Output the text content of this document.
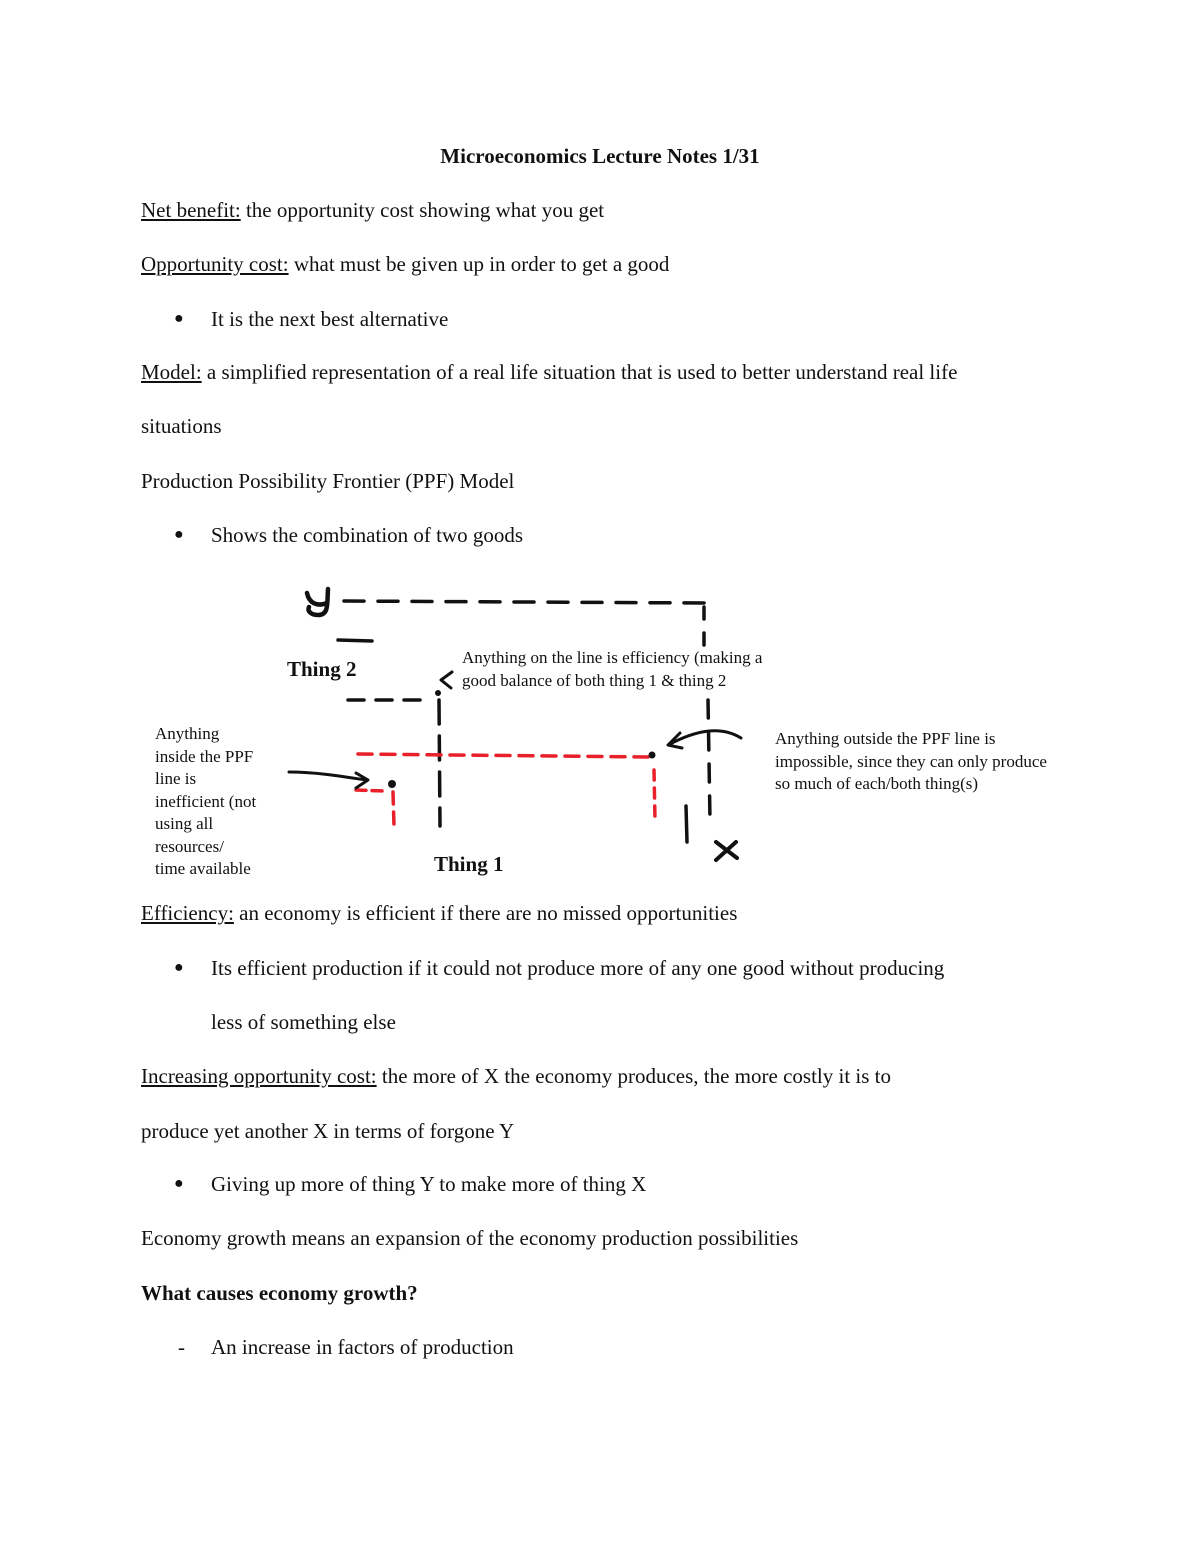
Microeconomics Lecture Notes 1/31
Net benefit: the opportunity cost showing what you get
Opportunity cost: what must be given up in order to get a good
● It is the next best alternative
Model: a simplified representation of a real life situation that is used to better understand real life
situations
Production Possibility Frontier (PPF) Model
● Shows the combination of two goods
Thing 2
Thing 1
Anything on the line is efficiency (making a
good balance of both thing 1 & thing 2
Anything
inside the PPF
line is
inefficient (not
using all
resources/
time available
Anything outside the PPF line is
impossible, since they can only produce
so much of each/both thing(s)
Efficiency: an economy is efficient if there are no missed opportunities
● Its efficient production if it could not produce more of any one good without producing
less of something else
Increasing opportunity cost: the more of X the economy produces, the more costly it is to
produce yet another X in terms of forgone Y
● Giving up more of thing Y to make more of thing X
Economy growth means an expansion of the economy production possibilities
What causes economy growth?
- An increase in factors of production
